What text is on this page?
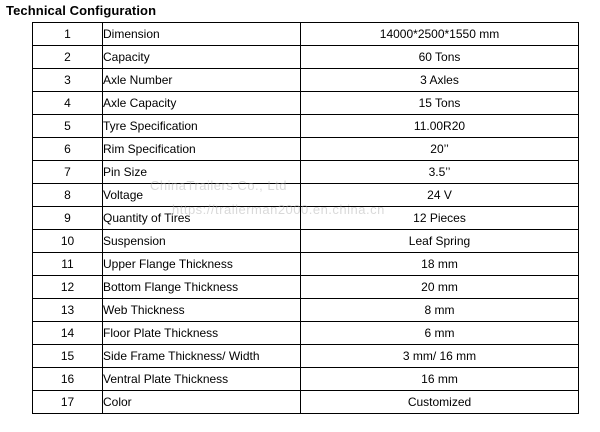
Technical Configuration
1	Dimension	14000*2500*1550 mm
2	Capacity	60 Tons
3	Axle Number	3 Axles
4	Axle Capacity	15 Tons
5	Tyre Specification	11.00R20
6	Rim Specification	20’’
7	Pin Size	3.5’’
8	Voltage	24 V
9	Quantity of Tires	12 Pieces
10	Suspension	Leaf Spring
11	Upper Flange Thickness	18 mm
12	Bottom Flange Thickness	20 mm
13	Web Thickness	8 mm
14	Floor Plate Thickness	6 mm
15	Side Frame Thickness/ Width	3 mm/ 16 mm
16	Ventral Plate Thickness	16 mm
17	Color	Customized
ChinaTrailers Co., Ltd
https://trailerman2000.en.china.cn
